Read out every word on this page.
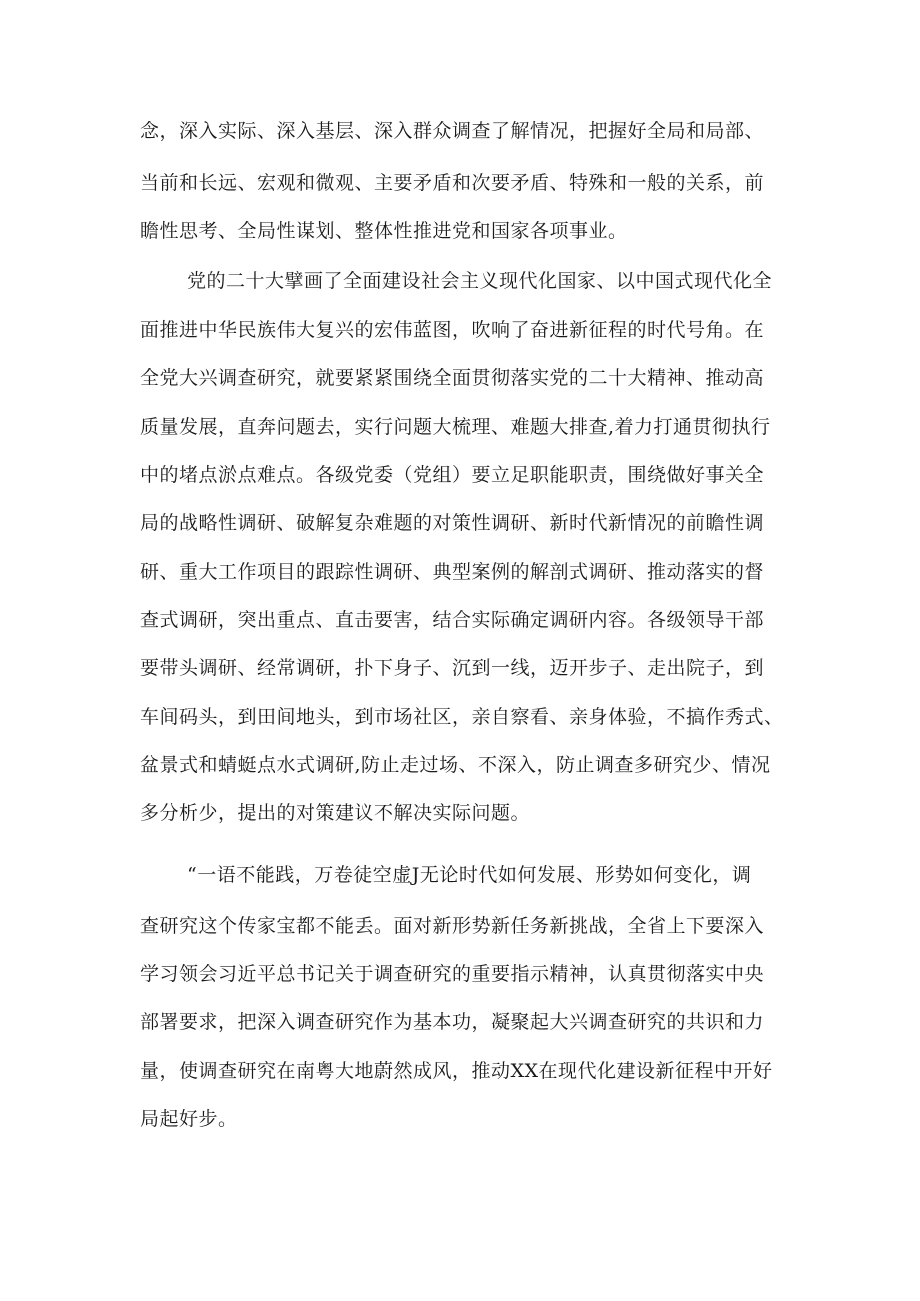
念，深入实际、深入基层、深入群众调查了解情况，把握好全局和局部、

当前和长远、宏观和微观、主要矛盾和次要矛盾、特殊和一般的关系，前

瞻性思考、全局性谋划、整体性推进党和国家各项事业。

党的二十大擘画了全面建设社会主义现代化国家、以中国式现代化全

面推进中华民族伟大复兴的宏伟蓝图，吹响了奋进新征程的时代号角。在

全党大兴调查研究，就要紧紧围绕全面贯彻落实党的二十大精神、推动高

质量发展，直奔问题去，实行问题大梳理、难题大排查,着力打通贯彻执行

中的堵点淤点难点。各级党委（党组）要立足职能职责，围绕做好事关全

局的战略性调研、破解复杂难题的对策性调研、新时代新情况的前瞻性调

研、重大工作项目的跟踪性调研、典型案例的解剖式调研、推动落实的督

查式调研，突出重点、直击要害，结合实际确定调研内容。各级领导干部

要带头调研、经常调研，扑下身子、沉到一线，迈开步子、走出院子，到

车间码头，到田间地头，到市场社区，亲自察看、亲身体验，不搞作秀式、

盆景式和蜻蜓点水式调研,防止走过场、不深入，防止调查多研究少、情况

多分析少，提出的对策建议不解决实际问题。

“一语不能践，万卷徒空虚J无论时代如何发展、形势如何变化，调

查研究这个传家宝都不能丢。面对新形势新任务新挑战，全省上下要深入

学习领会习近平总书记关于调查研究的重要指示精神，认真贯彻落实中央

部署要求，把深入调查研究作为基本功，凝聚起大兴调查研究的共识和力

量，使调查研究在南粤大地蔚然成风，推动XX在现代化建设新征程中开好

局起好步。
